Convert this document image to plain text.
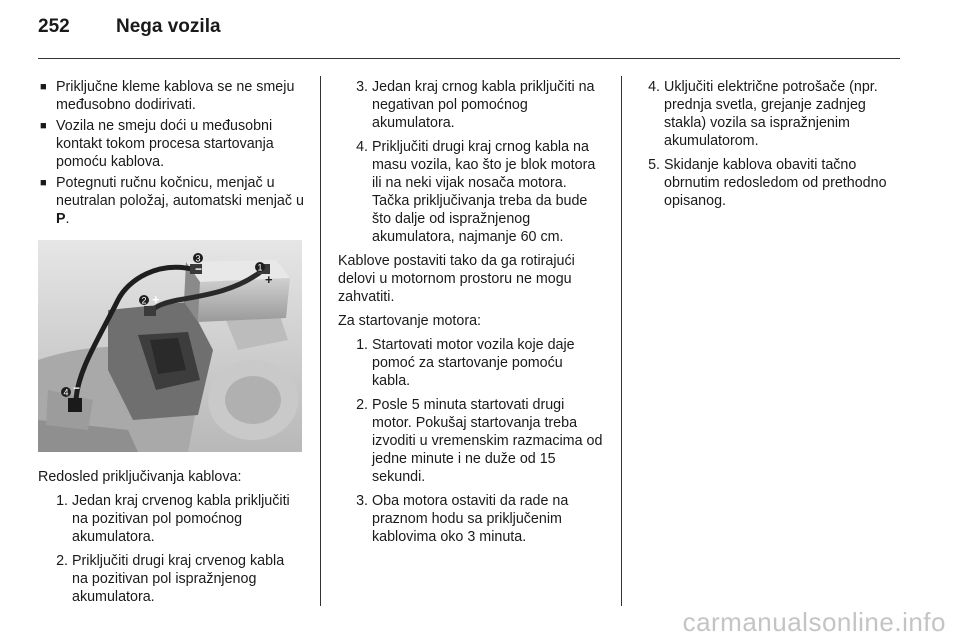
252	Nega vozila
■ Priključne kleme kablova se ne smeju međusobno dodirivati.
■ Vozila ne smeju doći u međusobni kontakt tokom procesa startovanja pomoću kablova.
■ Potegnuti ručnu kočnicu, menjač u neutralan položaj, automatski menjač u P.
3
−	1
+
2 +
4 −
Redosled priključivanja kablova:
1. Jedan kraj crvenog kabla priključiti na pozitivan pol pomoćnog akumulatora.
2. Priključiti drugi kraj crvenog kabla na pozitivan pol ispražnjenog akumulatora.
3. Jedan kraj crnog kabla priključiti na negativan pol pomoćnog akumulatora.
4. Priključiti drugi kraj crnog kabla na masu vozila, kao što je blok motora ili na neki vijak nosača motora. Tačka priključivanja treba da bude što dalje od ispražnjenog akumulatora, najmanje 60 cm.
Kablove postaviti tako da ga rotirajući delovi u motornom prostoru ne mogu zahvatiti.
Za startovanje motora:
1. Startovati motor vozila koje daje pomoć za startovanje pomoću kabla.
2. Posle 5 minuta startovati drugi motor. Pokušaj startovanja treba izvoditi u vremenskim razmacima od jedne minute i ne duže od 15 sekundi.
3. Oba motora ostaviti da rade na praznom hodu sa priključenim kablovima oko 3 minuta.
4. Uključiti električne potrošače (npr. prednja svetla, grejanje zadnjeg stakla) vozila sa ispražnjenim akumulatorom.
5. Skidanje kablova obaviti tačno obrnutim redosledom od prethodno opisanog.
carmanualsonline.info
